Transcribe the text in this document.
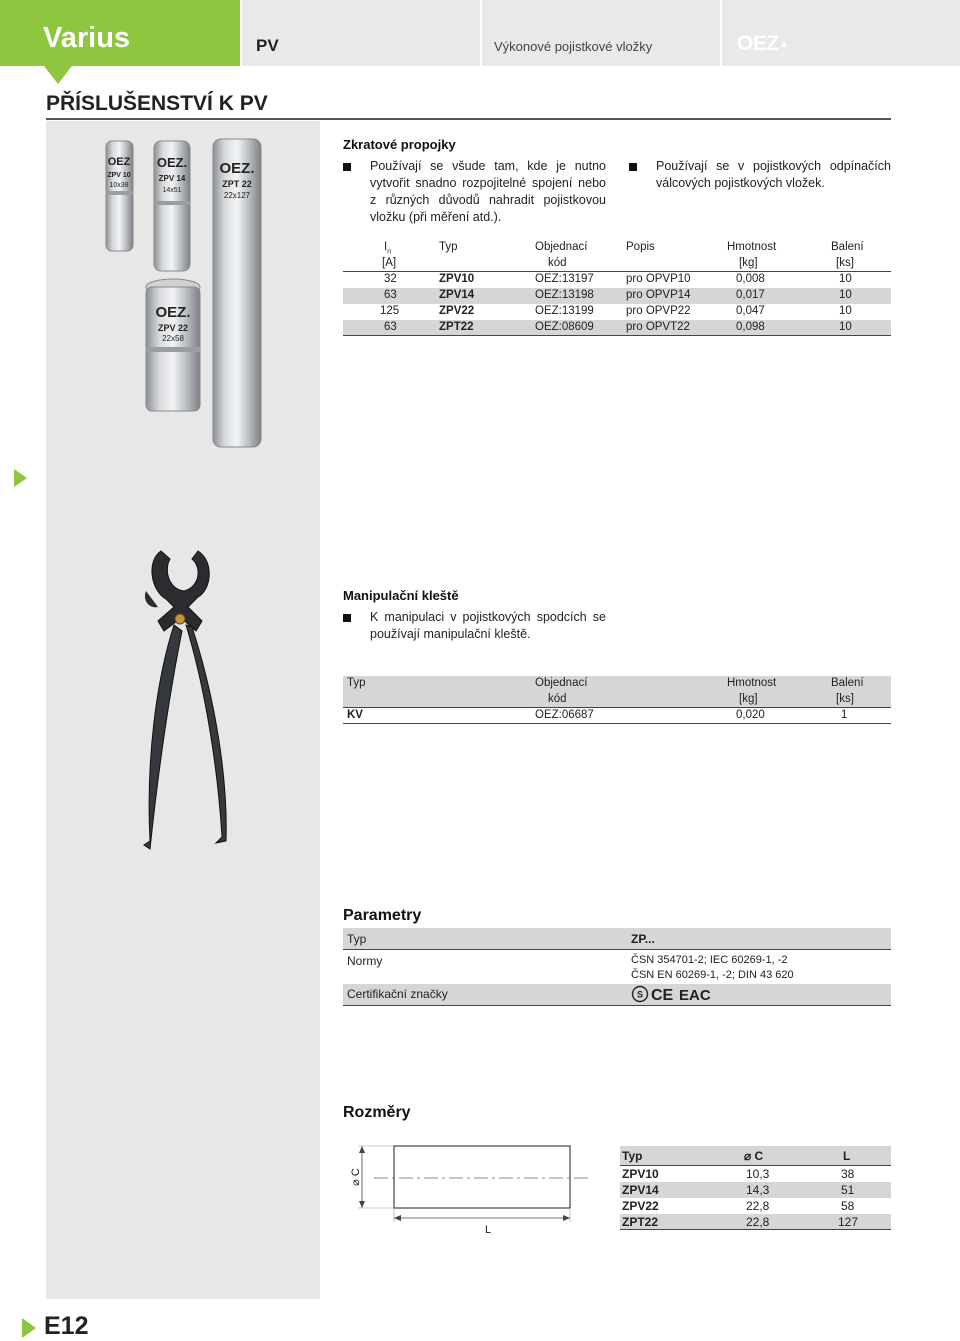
Varius	PV	Výkonové pojistkové vložky	OEZ▲
PŘÍSLUŠENSTVÍ K PV
OEZ
ZPV 10
10x38
OEZ.
ZPV 14
14x51
OEZ.
ZPT 22
22x127
OEZ.
ZPV 22
22x58
Zkratové propojky
Používají se všude tam, kde je nutno vytvořit snadno rozpojitelné spojení nebo z různých důvodů nahradit pojistkovou vložku (při měření atd.).
Používají se v pojistkových odpínačích válcových pojistkových vložek.
$I_n$	Typ	Objednací	Popis	Hmotnost	Balení
[A]	kód	[kg]	[ks]
32	ZPV10	OEZ:13197	pro OPVP10	0,008	10
63	ZPV14	OEZ:13198	pro OPVP14	0,017	10
125	ZPV22	OEZ:13199	pro OPVP22	0,047	10
63	ZPT22	OEZ:08609	pro OPVT22	0,098	10
Manipulační kleště
K manipulaci v pojistkových spodcích se používají manipulační kleště.
Typ	Objednací	Hmotnost	Balení
kód	[kg]	[ks]
KV	OEZ:06687	0,020	1
Parametry
Typ	ZP...
Normy	ČSN 354701-2; IEC 60269-1, -2
ČSN EN 60269-1, -2; DIN 43 620
Certifikační značky	S CE EAC
Rozměry
⌀ C
L
Typ	⌀ C	L
ZPV10	10,3	38
ZPV14	14,3	51
ZPV22	22,8	58
ZPT22	22,8	127
E12
